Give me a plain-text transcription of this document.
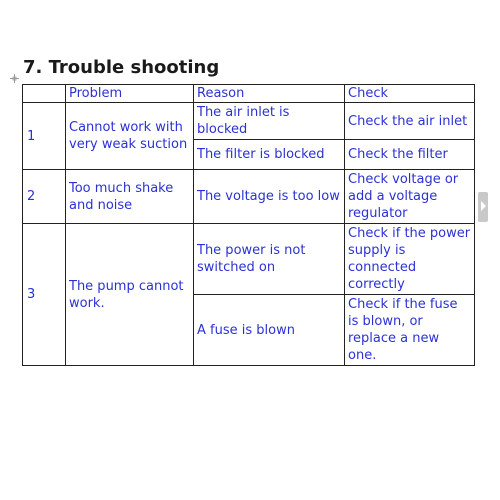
7. Trouble shooting
	Problem	Reason	Check
1	Cannot work with very weak suction	The air inlet is blocked	Check the air inlet
		The filter is blocked	Check the filter
2	Too much shake and noise	The voltage is too low	Check voltage or add a voltage regulator
3	The pump cannot work.	The power is not switched on	Check if the power supply is connected correctly
		A fuse is blown	Check if the fuse is blown, or replace a new one.
